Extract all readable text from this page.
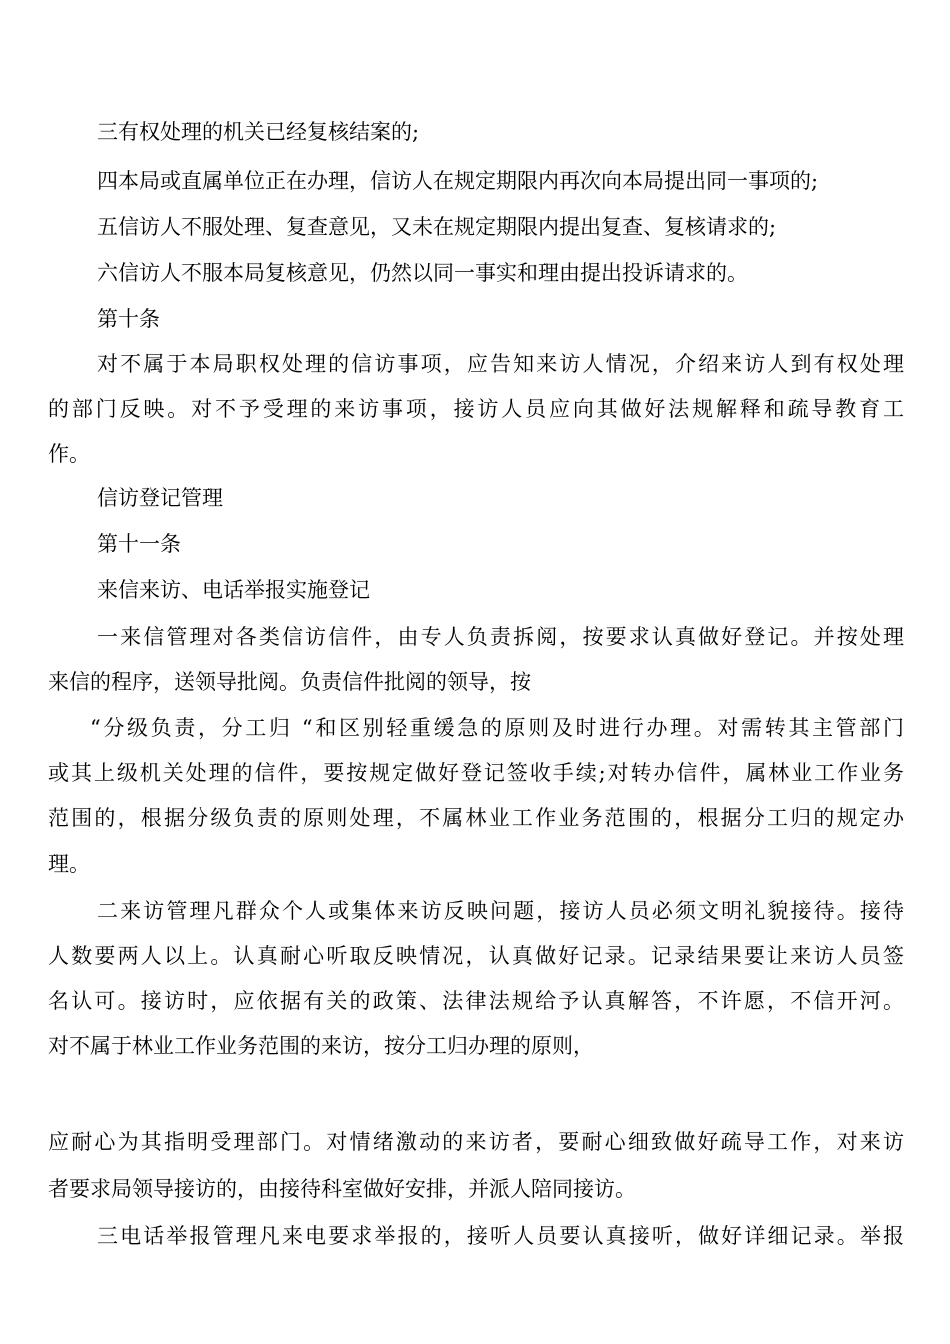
三有权处理的机关已经复核结案的;

四本局或直属单位正在办理，信访人在规定期限内再次向本局提出同一事项的;

五信访人不服处理、复查意见，又未在规定期限内提出复查、复核请求的;

六信访人不服本局复核意见，仍然以同一事实和理由提出投诉请求的。

第十条

对不属于本局职权处理的信访事项，应告知来访人情况，介绍来访人到有权处理

的部门反映。对不予受理的来访事项，接访人员应向其做好法规解释和疏导教育工

作。

信访登记管理

第十一条

来信来访、电话举报实施登记

一来信管理对各类信访信件，由专人负责拆阅，按要求认真做好登记。并按处理

来信的程序，送领导批阅。负责信件批阅的领导，按

“分级负责，分工归 “和区别轻重缓急的原则及时进行办理。对需转其主管部门

或其上级机关处理的信件，要按规定做好登记签收手续;对转办信件，属林业工作业务

范围的，根据分级负责的原则处理，不属林业工作业务范围的，根据分工归的规定办

理。

二来访管理凡群众个人或集体来访反映问题，接访人员必须文明礼貌接待。接待

人数要两人以上。认真耐心听取反映情况，认真做好记录。记录结果要让来访人员签

名认可。接访时，应依据有关的政策、法律法规给予认真解答，不许愿，不信开河。

对不属于林业工作业务范围的来访，按分工归办理的原则，

应耐心为其指明受理部门。对情绪激动的来访者，要耐心细致做好疏导工作，对来访

者要求局领导接访的，由接待科室做好安排，并派人陪同接访。

三电话举报管理凡来电要求举报的，接听人员要认真接听，做好详细记录。举报
